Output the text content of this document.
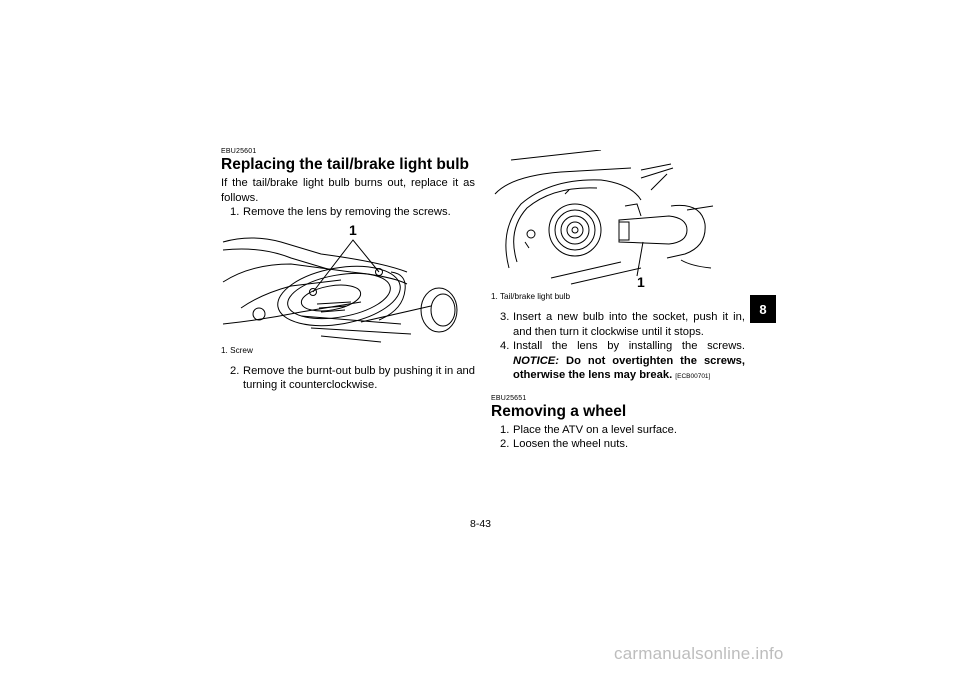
EBU25601
Replacing the tail/brake light bulb

If the tail/brake light bulb burns out, replace it as follows.

1. Remove the lens by removing the screws.
1
1. Screw
2. Remove the burnt-out bulb by pushing it in and turning it counterclockwise.
1
1. Tail/brake light bulb
3. Insert a new bulb into the socket, push it in, and then turn it clockwise until it stops.
4. Install the lens by installing the screws. NOTICE: Do not overtighten the screws, otherwise the lens may break. [ECB00701]
EBU25651
Removing a wheel
1. Place the ATV on a level surface.
2. Loosen the wheel nuts.
8
8-43
carmanualsonline.info
